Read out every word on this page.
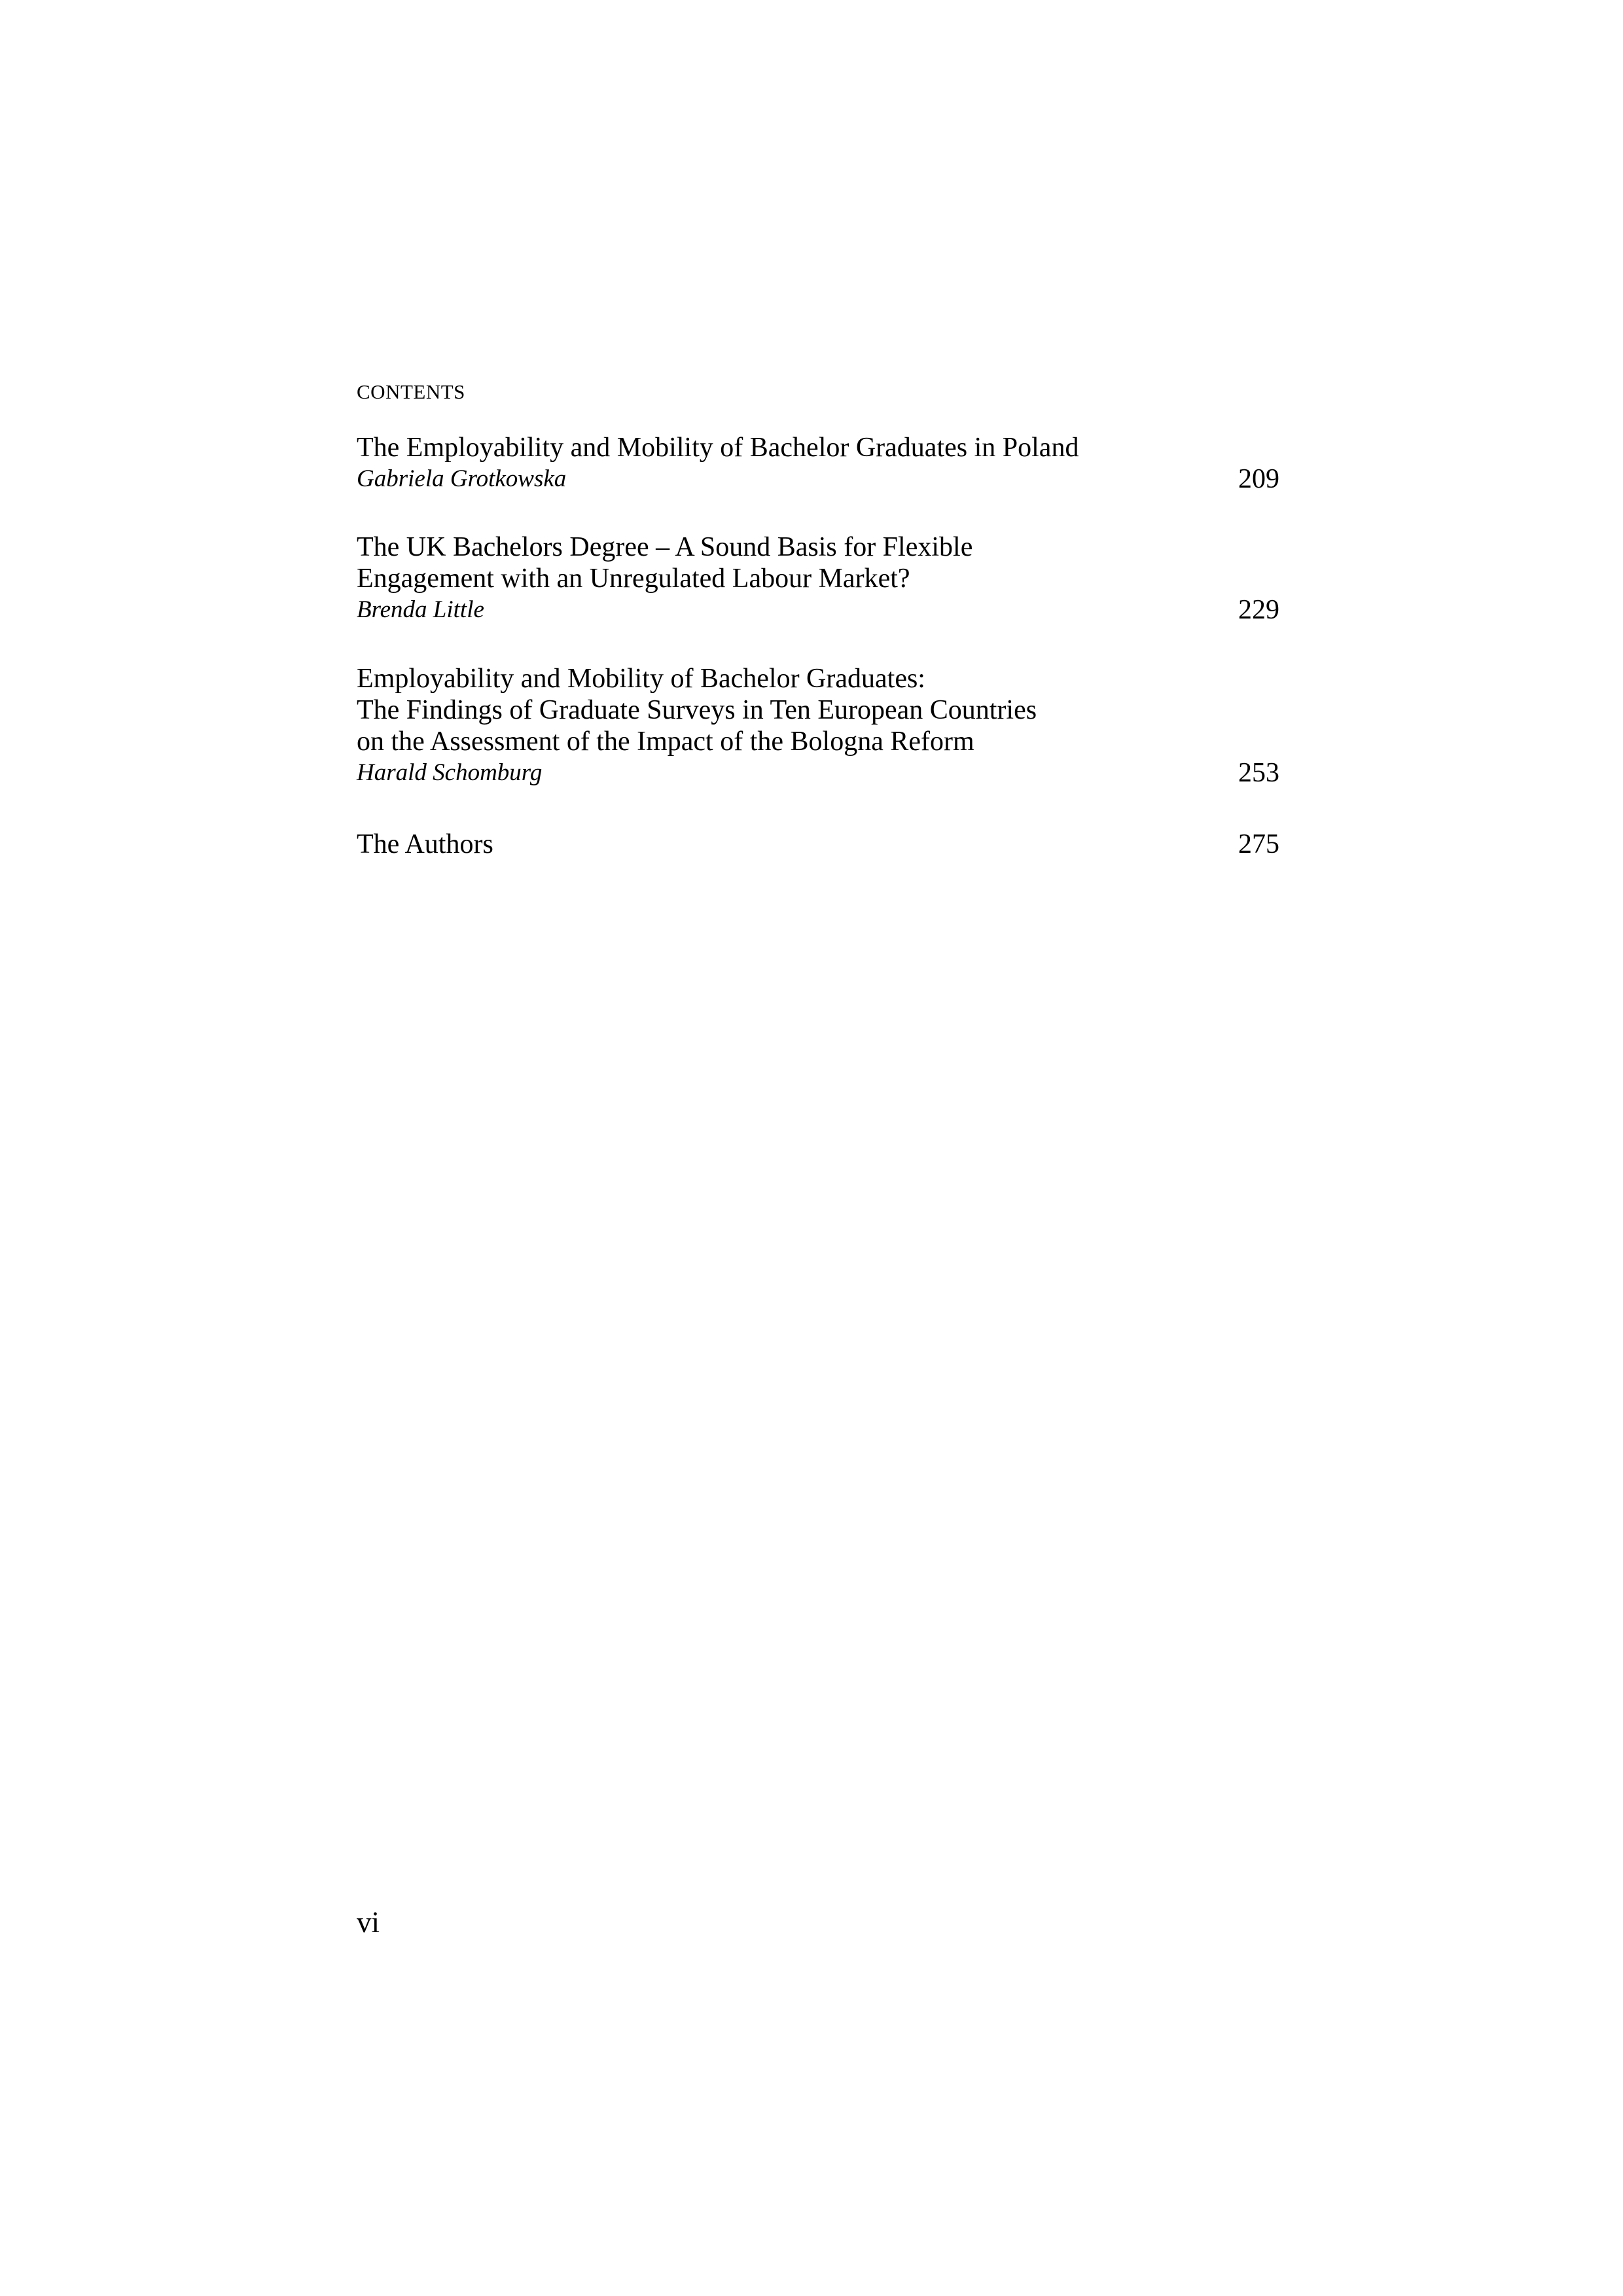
CONTENTS
The Employability and Mobility of Bachelor Graduates in Poland
Gabriela Grotkowska	209
The UK Bachelors Degree – A Sound Basis for Flexible
Engagement with an Unregulated Labour Market?
Brenda Little	229
Employability and Mobility of Bachelor Graduates:
The Findings of Graduate Surveys in Ten European Countries
on the Assessment of the Impact of the Bologna Reform
Harald Schomburg	253
The Authors	275
vi
